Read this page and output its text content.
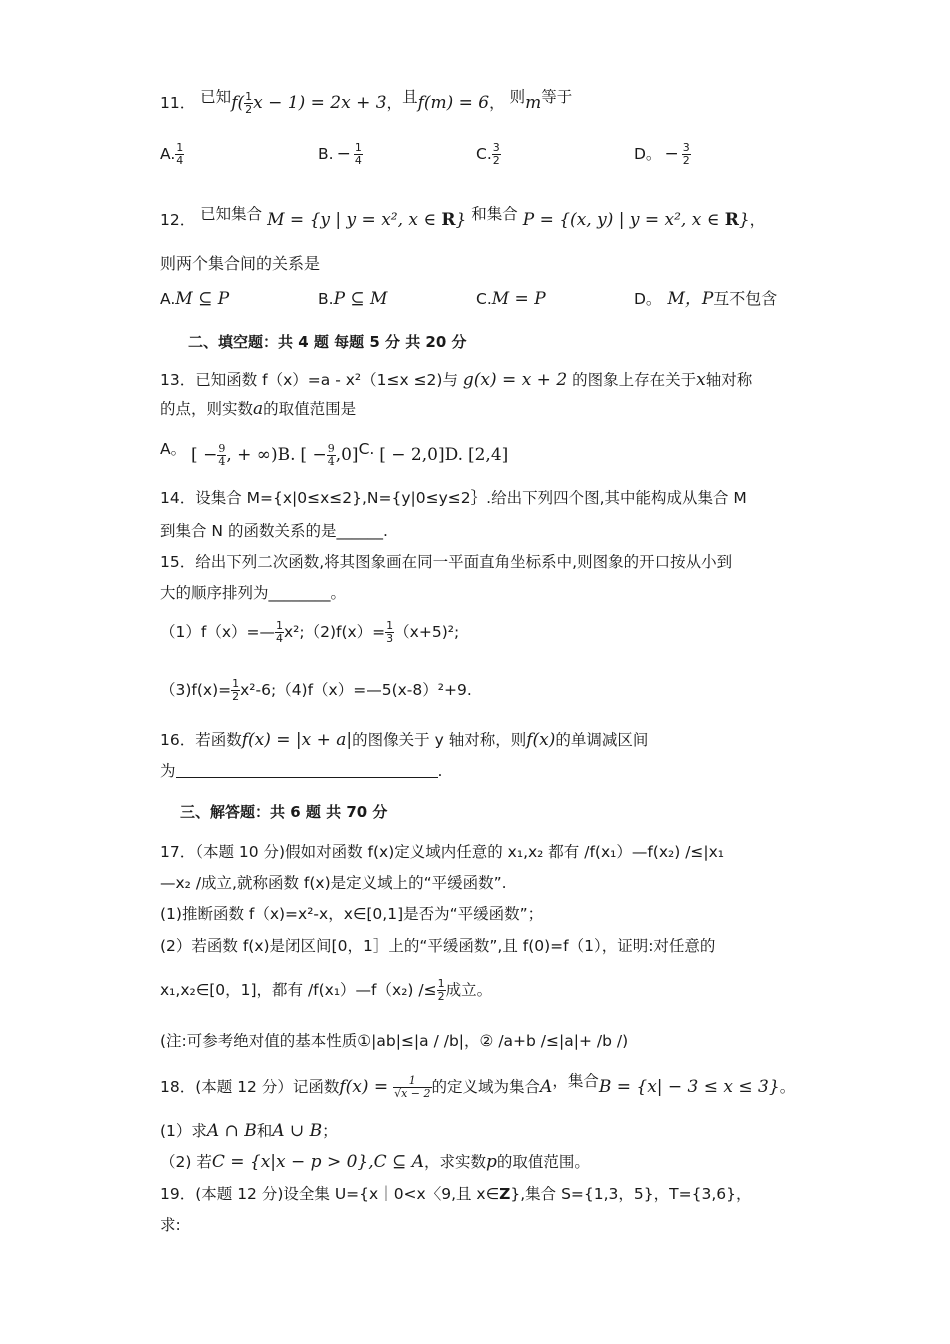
11． 已知$f( \frac{1}{2}$ x − 1) = 2x + 3，且f(m) = 6， 则m等于
A. $\frac{1}{4}$	B. − $\frac{1}{4}$	C. $\frac{3}{2}$	D。 − $\frac{3}{2}$
12． 已知集合 M = {y | y = x², x ∈ R} 和集合 P = {(x, y) | y = x², x ∈ R}，
则两个集合间的关系是
A.M ⊆ P	B.P ⊆ M	C.M = P	D。 M，P互不包含
二、填空题：共 4 题 每题 5 分 共 20 分
13．已知函数 f（x）=a - x²（1≤x ≤2)与 g(x) = x + 2 的图象上存在关于x轴对称
的点，则实数a的取值范围是
A。 [ − $\frac{9}{4}$ , + ∞)B. [ − $\frac{9}{4} ,0]C$. [ − 2,0]D. [2,4]
14．设集合 M={x|0≤x≤2},N={y|0≤y≤2｝.给出下列四个图,其中能构成从集合 M
到集合 N 的函数关系的是______.
15．给出下列二次函数,将其图象画在同一平面直角坐标系中,则图象的开口按从小到
大的顺序排列为________。
（1）f（x）=— $\frac{1}{4}$ x²;（2)f(x）= $\frac{1}{3} (x+5)^2$;
$(3)f(x)= \frac{1}{2}$ x²-6;（4)f（x）=—5(x-8）²+9.
16．若函数f(x) = |x + a|的图像关于 y 轴对称，则f(x)的单调减区间
为	.
三、解答题：共 6 题 共 70 分
17．（本题 10 分)假如对函数 f(x)定义域内任意的 x₁,x₂ 都有 /f(x₁）—f(x₂) /≤|x₁
—x₂ /成立,就称函数 f(x)是定义域上的“平缓函数”.
(1)推断函数 f（x)=x²-x，x∈[0,1]是否为“平缓函数”；
(2）若函数 f(x)是闭区间[0，1］上的“平缓函数”,且 f(0)=f（1），证明:对任意的
x₁,x₂∈[0，1]，都有 /f(x₁）—f（x₂) /≤ $\frac{1}{2}$ 成立。
(注:可参考绝对值的基本性质①|ab|≤|a / /b|，② /a+b /≤|a|+ /b /)
18．(本题 12 分）记函数$f(x) = \frac{1}{√x - 2}$ 的定义域为集合A，集合B = {x| − 3 ≤ x ≤ 3}。
(1）求A ∩ B和A ∪ B；
（2) 若C = {x|x − p > 0},C ⊆ A，求实数p的取值范围。
19．(本题 12 分)设全集 U={x｜0<x〈9,且 x∈Z},集合 S={1,3，5}，T={3,6}，
求:
